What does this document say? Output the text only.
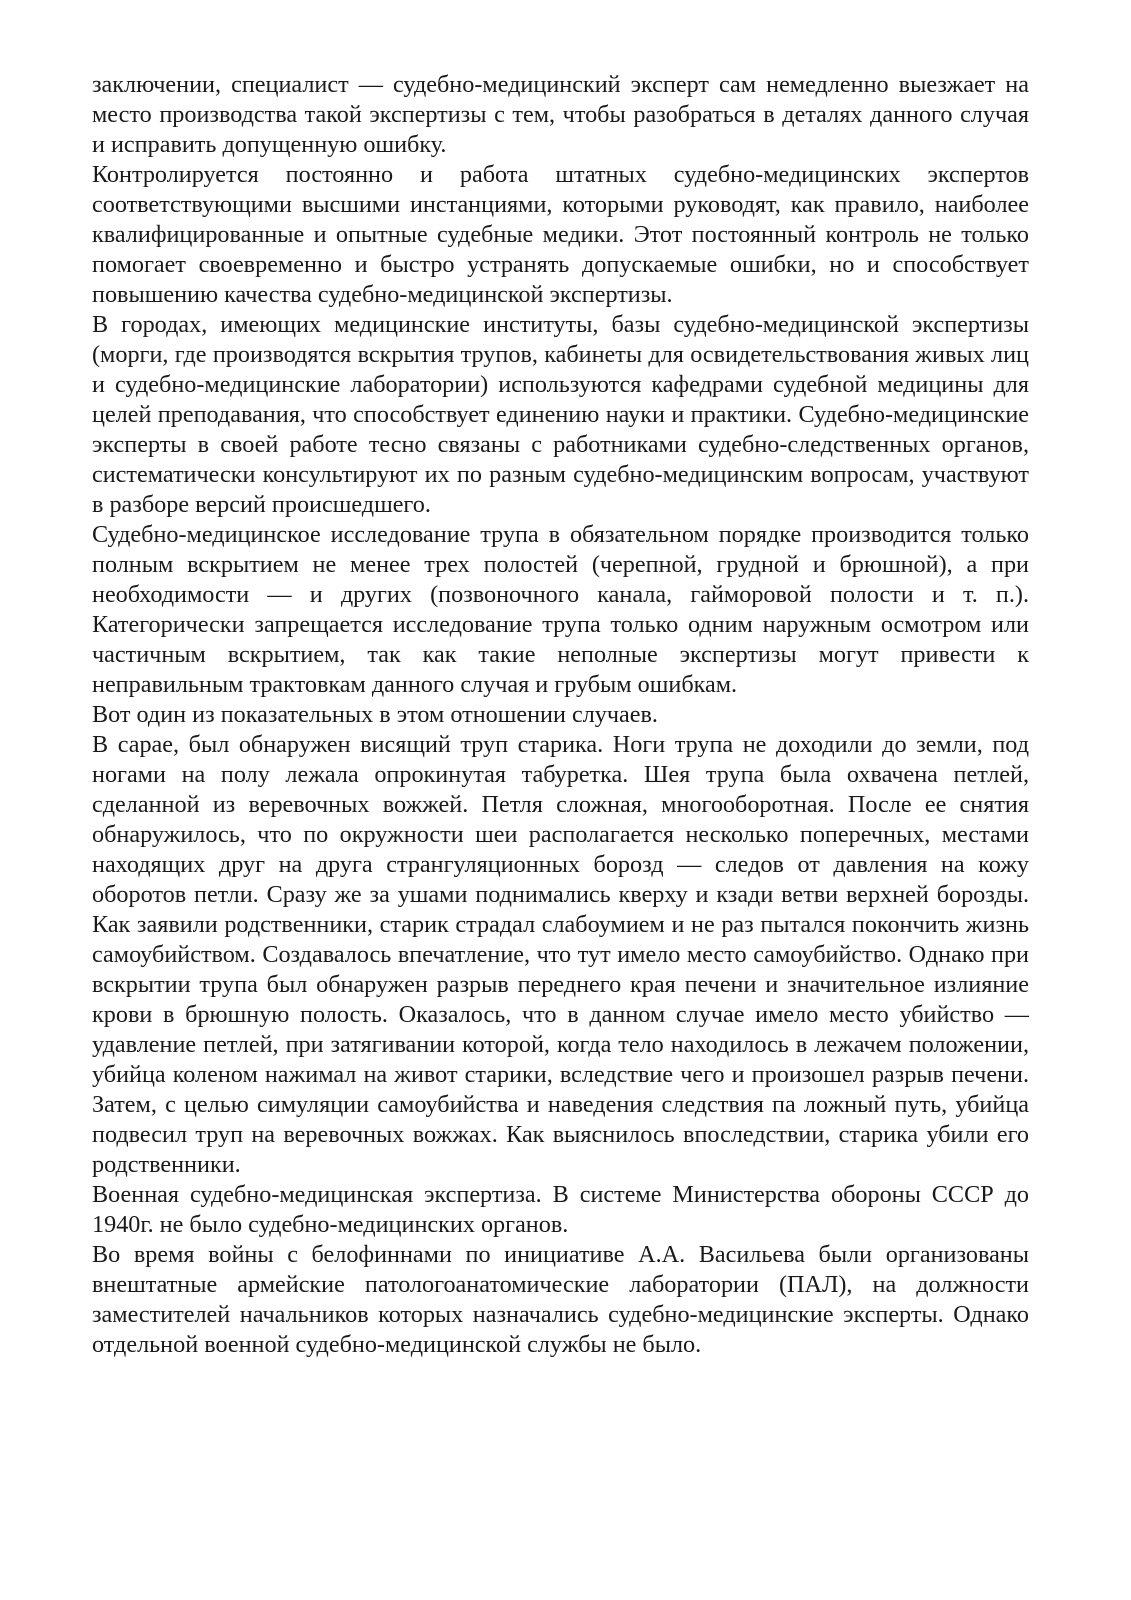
заключении, специалист — судебно-медицинский эксперт сам немедленно выезжает на место производства такой экспертизы с тем, чтобы разобраться в деталях данного случая и исправить допущенную ошибку.

Контролируется постоянно и работа штатных судебно-медицинских экспертов соответствующими высшими инстанциями, которыми руководят, как правило, наиболее квалифицированные и опытные судебные медики. Этот постоянный контроль не только помогает своевременно и быстро устранять допускаемые ошибки, но и способствует повышению качества судебно-медицинской экспертизы.

В городах, имеющих медицинские институты, базы судебно-медицинской экспертизы (морги, где производятся вскрытия трупов, кабинеты для освидетельствования живых лиц и судебно-медицинские лаборатории) используются кафедрами судебной медицины для целей преподавания, что способствует единению науки и практики. Судебно-медицинские эксперты в своей работе тесно связаны с работниками судебно-следственных органов, систематически консультируют их по разным судебно-медицинским вопросам, участвуют в разборе версий происшедшего.

Судебно-медицинское исследование трупа в обязательном порядке производится только полным вскрытием не менее трех полостей (черепной, грудной и брюшной), а при необходимости — и других (позвоночного канала, гайморовой полости и т. п.). Категорически запрещается исследование трупа только одним наружным осмотром или частичным вскрытием, так как такие неполные экспертизы могут привести к неправильным трактовкам данного случая и грубым ошибкам.

Вот один из показательных в этом отношении случаев.

В сарае, был обнаружен висящий труп старика. Ноги трупа не доходили до земли, под ногами на полу лежала опрокинутая табуретка. Шея трупа была охвачена петлей, сделанной из веревочных вожжей. Петля сложная, многооборотная. После ее снятия обнаружилось, что по окружности шеи располагается несколько поперечных, местами находящих друг на друга странгуляционных борозд — следов от давления на кожу оборотов петли. Сразу же за ушами поднимались кверху и кзади ветви верхней борозды. Как заявили родственники, старик страдал слабоумием и не раз пытался покончить жизнь самоубийством. Создавалось впечатление, что тут имело место самоубийство. Однако при вскрытии трупа был обнаружен разрыв переднего края печени и значительное излияние крови в брюшную полость. Оказалось, что в данном случае имело место убийство — удавление петлей, при затягивании которой, когда тело находилось в лежачем положении, убийца коленом нажимал на живот старики, вследствие чего и произошел разрыв печени. Затем, с целью симуляции самоубийства и наведения следствия па ложный путь, убийца подвесил труп на веревочных вожжах. Как выяснилось впоследствии, старика убили его родственники.

Военная судебно-медицинская экспертиза. В системе Министерства обороны СССР до 1940г. не было судебно-медицинских органов.

Во время войны с белофиннами по инициативе А.А. Васильева были организованы внештатные армейские патологоанатомические лаборатории (ПАЛ), на должности заместителей начальников которых назначались судебно-медицинские эксперты. Однако отдельной военной судебно-медицинской службы не было.
